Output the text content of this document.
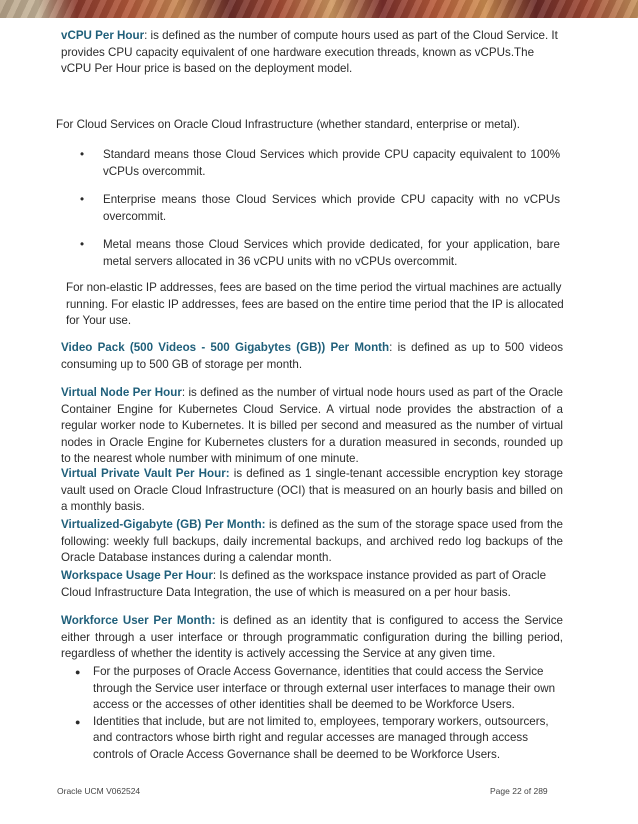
vCPU Per Hour: is defined as the number of compute hours used as part of the Cloud Service. It provides CPU capacity equivalent of one hardware execution threads, known as vCPUs.The vCPU Per Hour price is based on the deployment model.

For Cloud Services on Oracle Cloud Infrastructure (whether standard, enterprise or metal).

• Standard means those Cloud Services which provide CPU capacity equivalent to 100% vCPUs overcommit.
• Enterprise means those Cloud Services which provide CPU capacity with no vCPUs overcommit.
• Metal means those Cloud Services which provide dedicated, for your application, bare metal servers allocated in 36 vCPU units with no vCPUs overcommit.

For non-elastic IP addresses, fees are based on the time period the virtual machines are actually running. For elastic IP addresses, fees are based on the entire time period that the IP is allocated for Your use.

Video Pack (500 Videos - 500 Gigabytes (GB)) Per Month: is defined as up to 500 videos consuming up to 500 GB of storage per month.

Virtual Node Per Hour: is defined as the number of virtual node hours used as part of the Oracle Container Engine for Kubernetes Cloud Service. A virtual node provides the abstraction of a regular worker node to Kubernetes. It is billed per second and measured as the number of virtual nodes in Oracle Engine for Kubernetes clusters for a duration measured in seconds, rounded up to the nearest whole number with minimum of one minute.

Virtual Private Vault Per Hour: is defined as 1 single-tenant accessible encryption key storage vault used on Oracle Cloud Infrastructure (OCI) that is measured on an hourly basis and billed on a monthly basis.

Virtualized-Gigabyte (GB) Per Month: is defined as the sum of the storage space used from the following: weekly full backups, daily incremental backups, and archived redo log backups of the Oracle Database instances during a calendar month.

Workspace Usage Per Hour: Is defined as the workspace instance provided as part of Oracle Cloud Infrastructure Data Integration, the use of which is measured on a per hour basis.

Workforce User Per Month: is defined as an identity that is configured to access the Service either through a user interface or through programmatic configuration during the billing period, regardless of whether the identity is actively accessing the Service at any given time.

● For the purposes of Oracle Access Governance, identities that could access the Service through the Service user interface or through external user interfaces to manage their own access or the accesses of other identities shall be deemed to be Workforce Users.
● Identities that include, but are not limited to, employees, temporary workers, outsourcers, and contractors whose birth right and regular accesses are managed through access controls of Oracle Access Governance shall be deemed to be Workforce Users.
Oracle UCM V062524	Page 22 of 289
